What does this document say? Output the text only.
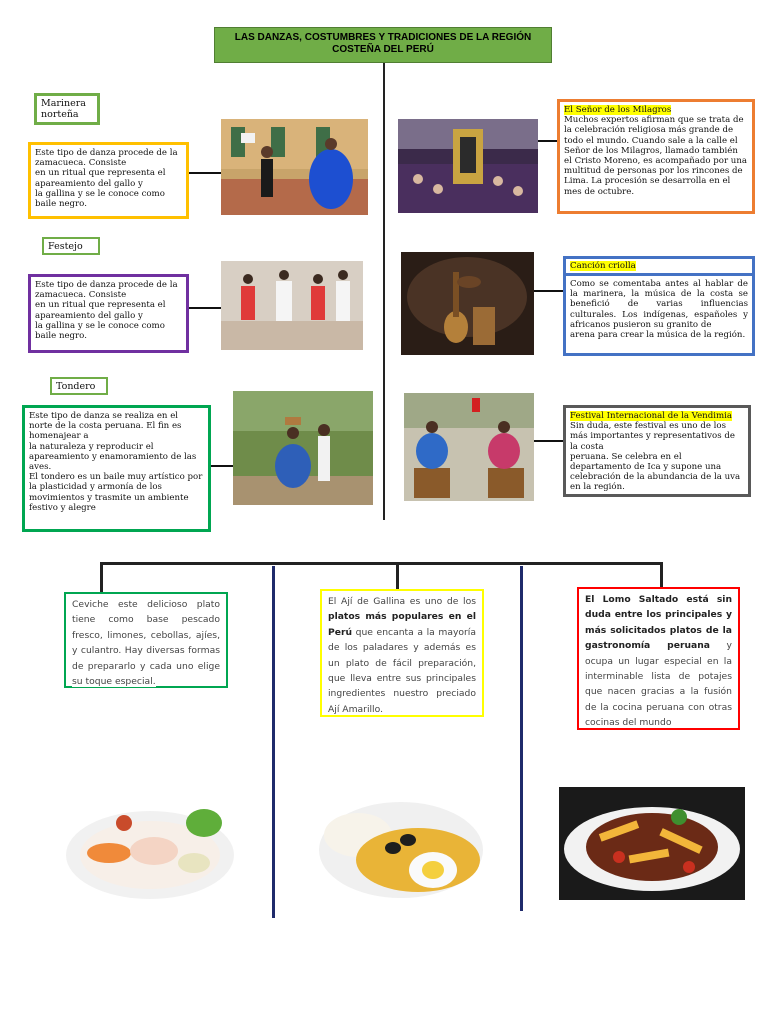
LAS DANZAS, COSTUMBRES Y TRADICIONES DE LA REGIÓN COSTEÑA DEL PERÚ
Marinera
norteña
Este tipo de danza procede de la zamacueca. Consiste
en un ritual que representa el apareamiento del gallo y
la gallina y se le conoce como baile negro.
Festejo
Este tipo de danza procede de la zamacueca. Consiste
en un ritual que representa el apareamiento del gallo y
la gallina y se le conoce como baile negro.
Tondero
Este tipo de danza se realiza en el norte de la costa peruana. El fin es homenajear a
la naturaleza y reproducir el apareamiento y enamoramiento de las aves.
El tondero es un baile muy artístico por la plasticidad y armonía de los movimientos y trasmite un ambiente festivo y alegre
El Señor de los Milagros
Muchos expertos afirman que se trata de la celebración religiosa más grande de todo el mundo. Cuando sale a la calle el Señor de los Milagros, llamado también el Cristo Moreno, es acompañado por una multitud de personas por los rincones de Lima. La procesión se desarrolla en el mes de octubre.
Canción criolla
Como se comentaba antes al hablar de la marinera, la música de la costa se benefició de varias influencias culturales. Los indígenas, españoles y africanos pusieron su granito de
arena para crear la música de la región.
Festival Internacional de la Vendimia
Sin duda, este festival es uno de los más importantes y representativos de la costa
peruana. Se celebra en el departamento de Ica y supone una celebración de la abundancia de la uva en la región.
Ceviche este delicioso plato tiene como base pescado fresco, limones, cebollas, ajíes, y culantro. Hay diversas formas de prepararlo y cada uno elige su toque especial.
El Ají de Gallina es uno de los platos más populares en el Perú que encanta a la mayoría de los paladares y además es un plato de fácil preparación, que lleva entre sus principales ingredientes nuestro preciado Ají Amarillo.
El Lomo Saltado está sin duda entre los principales y más solicitados platos de la gastronomía peruana y ocupa un lugar especial en la interminable lista de potajes que nacen gracias a la fusión de la cocina peruana con otras cocinas del mundo
